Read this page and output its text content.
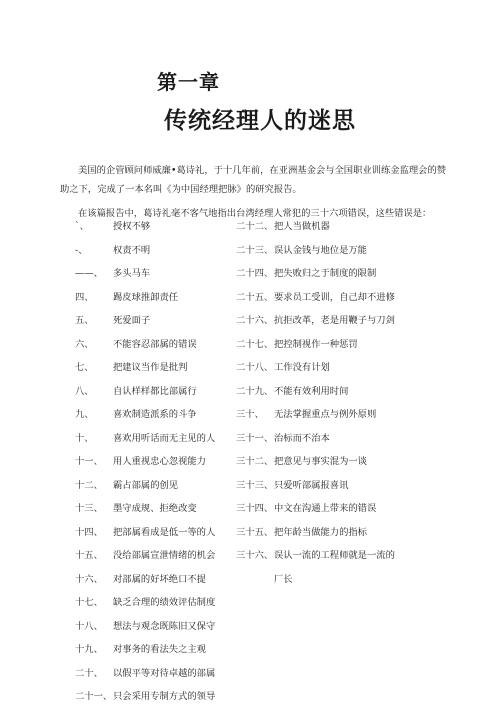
第一章
传统经理人的迷思

美国的企管顾问师威廉•葛诗礼，于十几年前，在亚洲基金会与全国职业训练金监理会的赞助之下，完成了一本名叫《为中国经理把脉》的研究报告。

在该篇报告中，葛诗礼毫不客气地指出台湾经理人常犯的三十六项错误，这些错误是：

`、	授权不够
-、	权责不明
——、 多头马车
四、 踢皮球推卸责任
五、 死爱面子
六、 不能容忍部属的错误
七、 把建议当作是批判
八、 自认样样都比部属行
九、 喜欢制造派系的斗争
十、 喜欢用听话而无主见的人
十一、 用人重视忠心忽视能力
十二、 霸占部属的创见
十三、 墨守成规、拒绝改变
十四、 把部属看成是低一等的人
十五、 没给部属宣泄情绪的机会
十六、 对部属的好坏绝口不提
十七、 缺乏合理的绩效评估制度
十八、 想法与观念既陈旧又保守
十九、 对事务的看法失之主观
二十、 以假平等对待卓越的部属
二十一、只会采用专制方式的领导
二十二、把人当做机器
二十三、误认金钱与地位是万能
二十四、把失败归之于制度的限制
二十五、要求员工受训，自己却不进修
二十六、抗拒改革，老是用鞭子与刀剑
二十七、把控制视作一种惩罚
二十八、工作没有计划
二十九、不能有效利用时间
三十、 无法掌握重点与例外原则
三十一、治标而不治本
三十二、把意见与事实混为一谈
三十三、只爱听部属报喜讯
三十四、中文在沟通上带来的错误
三十五、把年龄当做能力的指标
三十六、误认一流的工程师就是一流的
厂长
